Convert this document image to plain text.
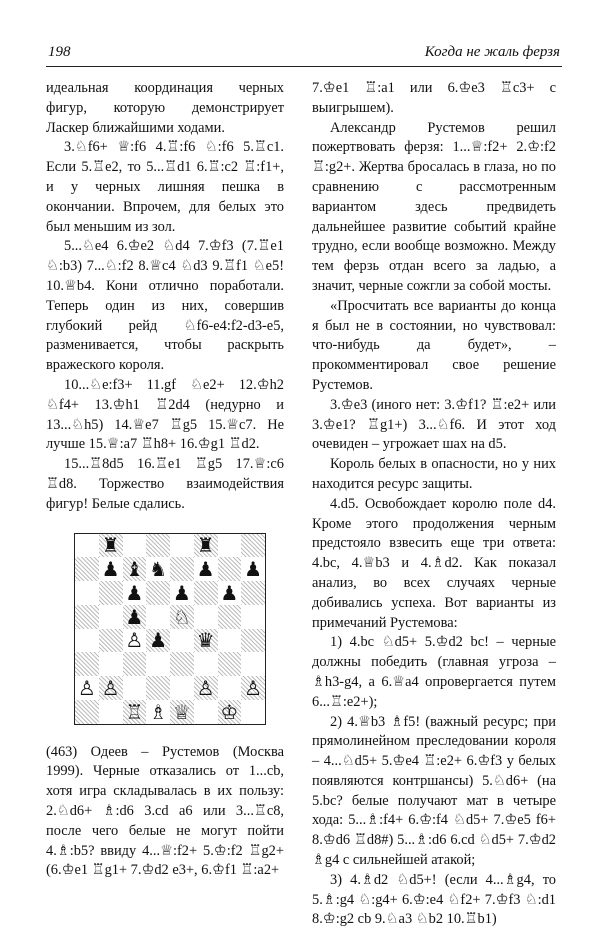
198	Когда не жаль ферзя

идеальная координация черных фигур, которую демонстрирует Ласкер ближайшими ходами.

3.♘f6+ ♕:f6 4.♖:f6 ♘:f6 5.♖c1. Если 5.♖e2, то 5...♖d1 6.♖:c2 ♖:f1+, и у черных лишняя пешка в окончании. Впрочем, для белых это был меньшим из зол.

5...♘e4 6.♔e2 ♘d4 7.♔f3 (7.♖e1 ♘:b3) 7...♘:f2 8.♕c4 ♘d3 9.♖f1 ♘e5! 10.♕b4. Кони отлично поработали. Теперь один из них, совершив глубокий рейд ♘f6-e4:f2-d3-e5, разменивается, чтобы раскрыть вражеского короля.

10...♘e:f3+ 11.gf ♘e2+ 12.♔h2 ♘f4+ 13.♔h1 ♖2d4 (недурно и 13...♘h5) 14.♕e7 ♖g5 15.♕c7. Не лучше 15.♕:a7 ♖h8+ 16.♔g1 ♖d2.

15...♖8d5 16.♖e1 ♖g5 17.♕:c6 ♖d8. Торжество взаимодействия фигур! Белые сдались.

♜	♜
♟ ♝ ♞ ♟ ♟
♟ ♟ ♟
♟ ♘
♙ ♟ ♛
♙ ♙	♙ ♙
♖ ♗ ♕ ♔

(463) Одеев – Рустемов (Москва 1999). Черные отказались от 1...cb, хотя игра складывалась в их пользу: 2.♘d6+ ♗:d6 3.cd a6 или 3...♖c8, после чего белые не могут пойти 4.♗:b5? ввиду 4...♕:f2+ 5.♔:f2 ♖g2+ (6.♔e1 ♖g1+ 7.♔d2 e3+, 6.♔f1 ♖:a2+

7.♔e1 ♖:a1 или 6.♔e3 ♖c3+ с выигрышем).

Александр Рустемов решил пожертвовать ферзя: 1...♕:f2+ 2.♔:f2 ♖:g2+. Жертва бросалась в глаза, но по сравнению с рассмотренным вариантом здесь предвидеть дальнейшее развитие событий крайне трудно, если вообще возможно. Между тем ферзь отдан всего за ладью, а значит, черные сожгли за собой мосты.

«Просчитать все варианты до конца я был не в состоянии, но чувствовал: что-нибудь да будет», – прокомментировал свое решение Рустемов.

3.♔e3 (иного нет: 3.♔f1? ♖:e2+ или 3.♔e1? ♖g1+) 3...♘f6. И этот ход очевиден – угрожает шах на d5.

Король белых в опасности, но у них находится ресурс защиты.

4.d5. Освобождает королю поле d4. Кроме этого продолжения черным предстояло взвесить еще три ответа: 4.bc, 4.♕b3 и 4.♗d2. Как показал анализ, во всех случаях черные добивались успеха. Вот варианты из примечаний Рустемова:

1) 4.bc ♘d5+ 5.♔d2 bc! – черные должны победить (главная угроза – ♗h3-g4, а 6.♕a4 опровергается путем 6...♖:e2+);

2) 4.♕b3 ♗f5! (важный ресурс; при прямолинейном преследовании короля – 4...♘d5+ 5.♔e4 ♖:e2+ 6.♔f3 у белых появляются контршансы) 5.♘d6+ (на 5.bc? белые получают мат в четыре хода: 5...♗:f4+ 6.♔:f4 ♘d5+ 7.♔e5 f6+ 8.♔d6 ♖d8#) 5...♗:d6 6.cd ♘d5+ 7.♔d2 ♗g4 с сильнейшей атакой;

3) 4.♗d2 ♘d5+! (если 4...♗g4, то 5.♗:g4 ♘:g4+ 6.♔:e4 ♘f2+ 7.♔f3 ♘:d1 8.♔:g2 cb 9.♘a3 ♘b2 10.♖b1)
